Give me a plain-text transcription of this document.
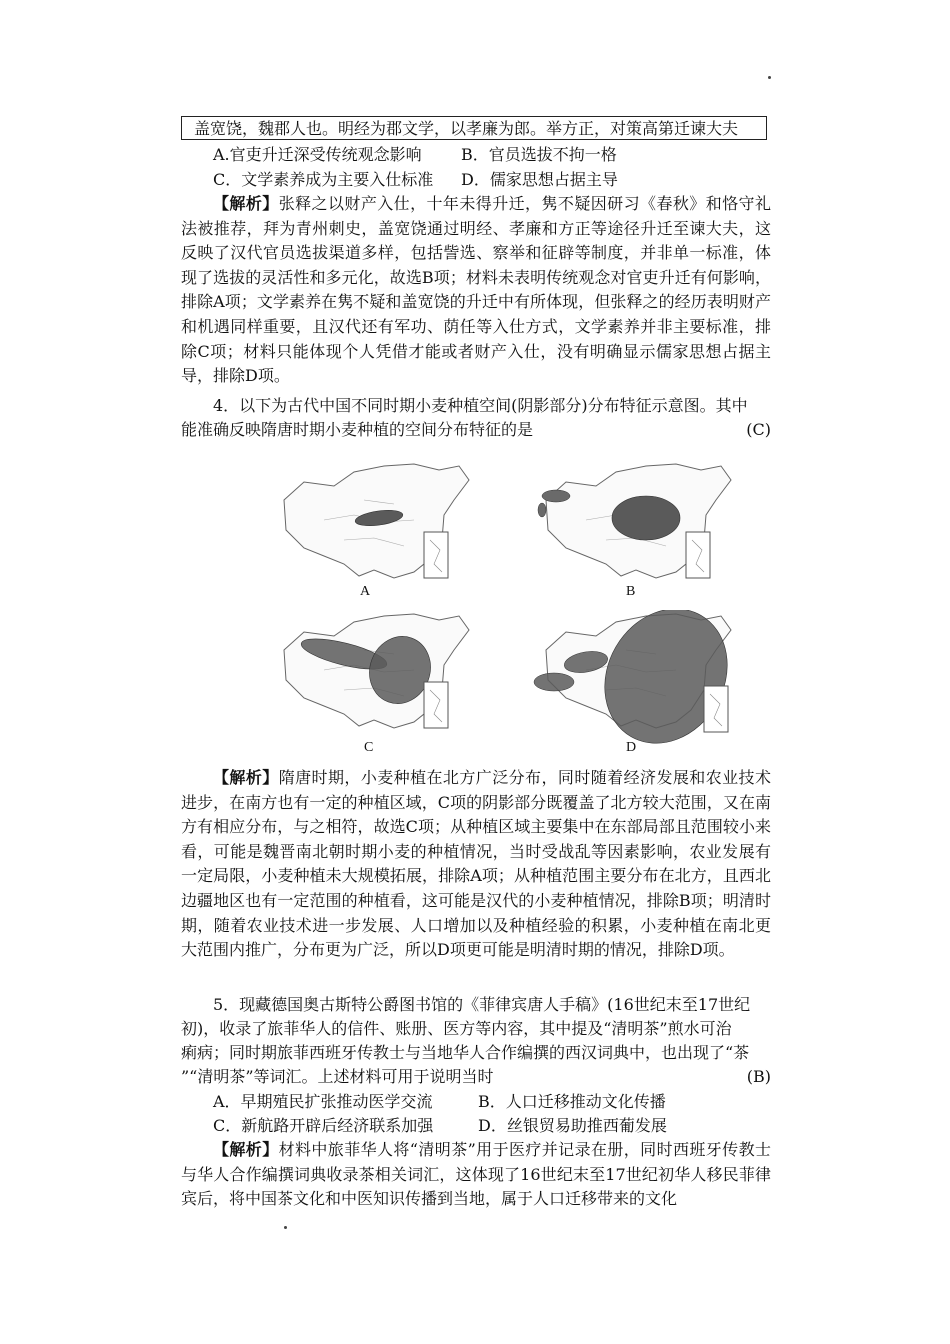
盖宽饶，魏郡人也。明经为郡文学，以孝廉为郎。举方正，对策高第迁谏大夫
A.官吏升迁深受传统观念影响 B．官员选拔不拘一格
C．文学素养成为主要入仕标准 D．儒家思想占据主导
【解析】张释之以财产入仕，十年未得升迁，隽不疑因研习《春秋》和恪守礼法被推荐，拜为青州刺史，盖宽饶通过明经、孝廉和方正等途径升迁至谏大夫，这反映了汉代官员选拔渠道多样，包括訾选、察举和征辟等制度，并非单一标准，体现了选拔的灵活性和多元化，故选B项；材料未表明传统观念对官吏升迁有何影响，排除A项；文学素养在隽不疑和盖宽饶的升迁中有所体现，但张释之的经历表明财产和机遇同样重要，且汉代还有军功、荫任等入仕方式，文学素养并非主要标准，排除C项；材料只能体现个人凭借才能或者财产入仕，没有明确显示儒家思想占据主导，排除D项。
4．以下为古代中国不同时期小麦种植空间(阴影部分)分布特征示意图。其中
能准确反映隋唐时期小麦种植的空间分布特征的是	(C)
A	B
C	D
【解析】隋唐时期，小麦种植在北方广泛分布，同时随着经济发展和农业技术进步，在南方也有一定的种植区域，C项的阴影部分既覆盖了北方较大范围，又在南方有相应分布，与之相符，故选C项；从种植区域主要集中在东部局部且范围较小来看，可能是魏晋南北朝时期小麦的种植情况，当时受战乱等因素影响，农业发展有一定局限，小麦种植未大规模拓展，排除A项；从种植范围主要分布在北方，且西北边疆地区也有一定范围的种植看，这可能是汉代的小麦种植情况，排除B项；明清时期，随着农业技术进一步发展、人口增加以及种植经验的积累，小麦种植在南北更大范围内推广，分布更为广泛，所以D项更可能是明清时期的情况，排除D项。
5．现藏德国奥古斯特公爵图书馆的《菲律宾唐人手稿》(16世纪末至17世纪
初)，收录了旅菲华人的信件、账册、医方等内容，其中提及“清明茶”煎水可治
痢病；同时期旅菲西班牙传教士与当地华人合作编撰的西汉词典中，也出现了“茶
”“清明茶”等词汇。上述材料可用于说明当时	(B)
A．早期殖民扩张推动医学交流	B．人口迁移推动文化传播
C．新航路开辟后经济联系加强	D．丝银贸易助推西葡发展
【解析】材料中旅菲华人将“清明茶”用于医疗并记录在册，同时西班牙传教士与华人合作编撰词典收录茶相关词汇，这体现了16世纪末至17世纪初华人移民菲律宾后，将中国茶文化和中医知识传播到当地，属于人口迁移带来的文化
